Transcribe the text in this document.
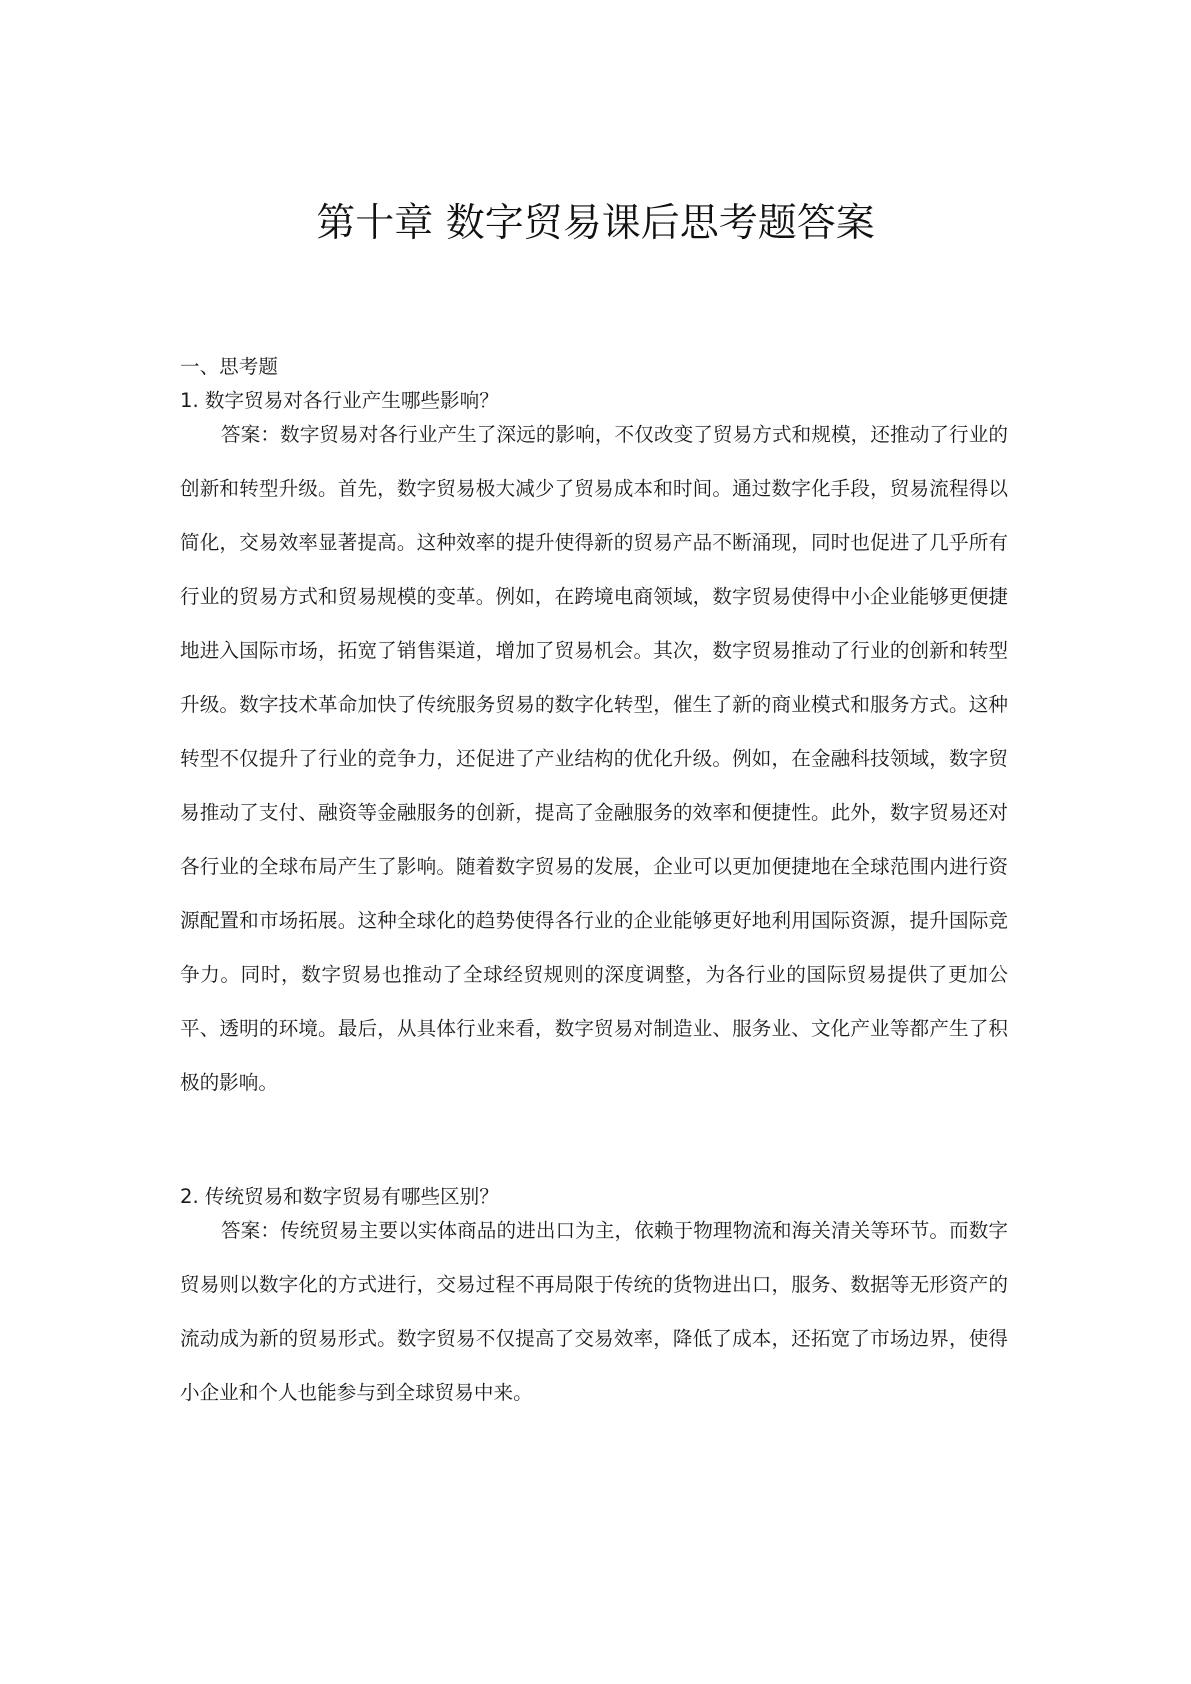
第十章 数字贸易课后思考题答案
一、思考题

1. 数字贸易对各行业产生哪些影响？

答案：数字贸易对各行业产生了深远的影响，不仅改变了贸易方式和规模，还推动了行业的创新和转型升级。首先，数字贸易极大减少了贸易成本和时间。通过数字化手段，贸易流程得以简化，交易效率显著提高。这种效率的提升使得新的贸易产品不断涌现，同时也促进了几乎所有行业的贸易方式和贸易规模的变革。例如，在跨境电商领域，数字贸易使得中小企业能够更便捷地进入国际市场，拓宽了销售渠道，增加了贸易机会。其次，数字贸易推动了行业的创新和转型升级。数字技术革命加快了传统服务贸易的数字化转型，催生了新的商业模式和服务方式。这种转型不仅提升了行业的竞争力，还促进了产业结构的优化升级。例如，在金融科技领域，数字贸易推动了支付、融资等金融服务的创新，提高了金融服务的效率和便捷性。此外，数字贸易还对各行业的全球布局产生了影响。随着数字贸易的发展，企业可以更加便捷地在全球范围内进行资源配置和市场拓展。这种全球化的趋势使得各行业的企业能够更好地利用国际资源，提升国际竞争力。同时，数字贸易也推动了全球经贸规则的深度调整，为各行业的国际贸易提供了更加公平、透明的环境。最后，从具体行业来看，数字贸易对制造业、服务业、文化产业等都产生了积极的影响。

2. 传统贸易和数字贸易有哪些区别？

答案：传统贸易主要以实体商品的进出口为主，依赖于物理物流和海关清关等环节。而数字贸易则以数字化的方式进行，交易过程不再局限于传统的货物进出口，服务、数据等无形资产的流动成为新的贸易形式。数字贸易不仅提高了交易效率，降低了成本，还拓宽了市场边界，使得小企业和个人也能参与到全球贸易中来。
